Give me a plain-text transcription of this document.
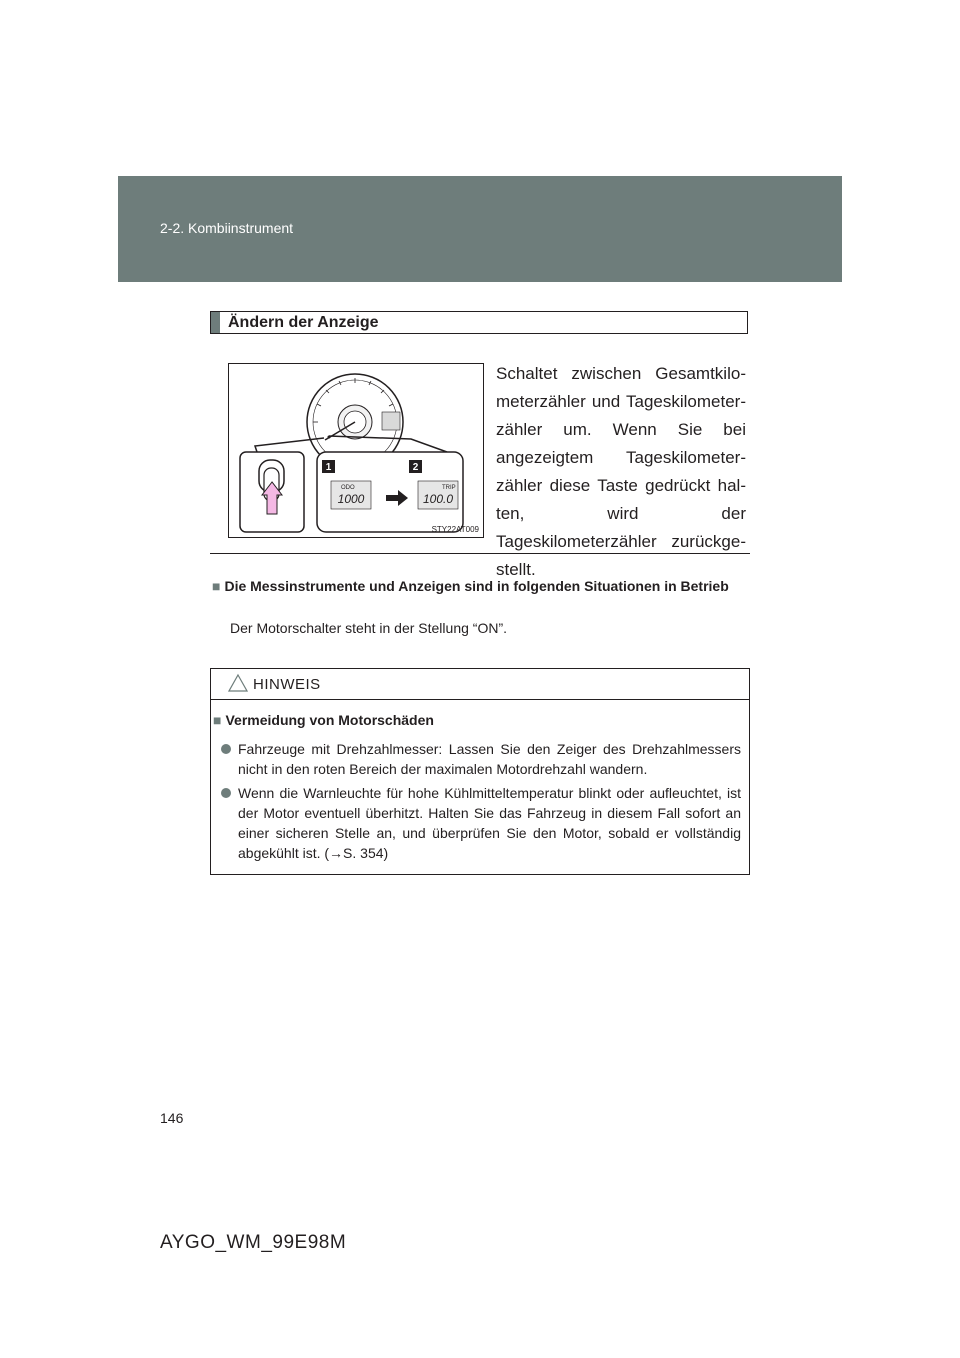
2-2. Kombiinstrument
Ändern der Anzeige
1	2
ODO
1000
TRIP
100.0
STY22AT009
Schaltet zwischen Gesamtkilometerzähler und Tageskilometerzähler um. Wenn Sie bei angezeigtem Tageskilometerzähler diese Taste gedrückt halten, wird der Tageskilometerzähler zurückgestellt.
■ Die Messinstrumente und Anzeigen sind in folgenden Situationen in Betrieb
Der Motorschalter steht in der Stellung “ON”.
HINWEIS
■ Vermeidung von Motorschäden
Fahrzeuge mit Drehzahlmesser: Lassen Sie den Zeiger des Drehzahlmessers nicht in den roten Bereich der maximalen Motordrehzahl wandern.
Wenn die Warnleuchte für hohe Kühlmitteltemperatur blinkt oder aufleuchtet, ist der Motor eventuell überhitzt. Halten Sie das Fahrzeug in diesem Fall sofort an einer sicheren Stelle an, und überprüfen Sie den Motor, sobald er vollständig abgekühlt ist. (→S. 354)
146
AYGO_WM_99E98M
